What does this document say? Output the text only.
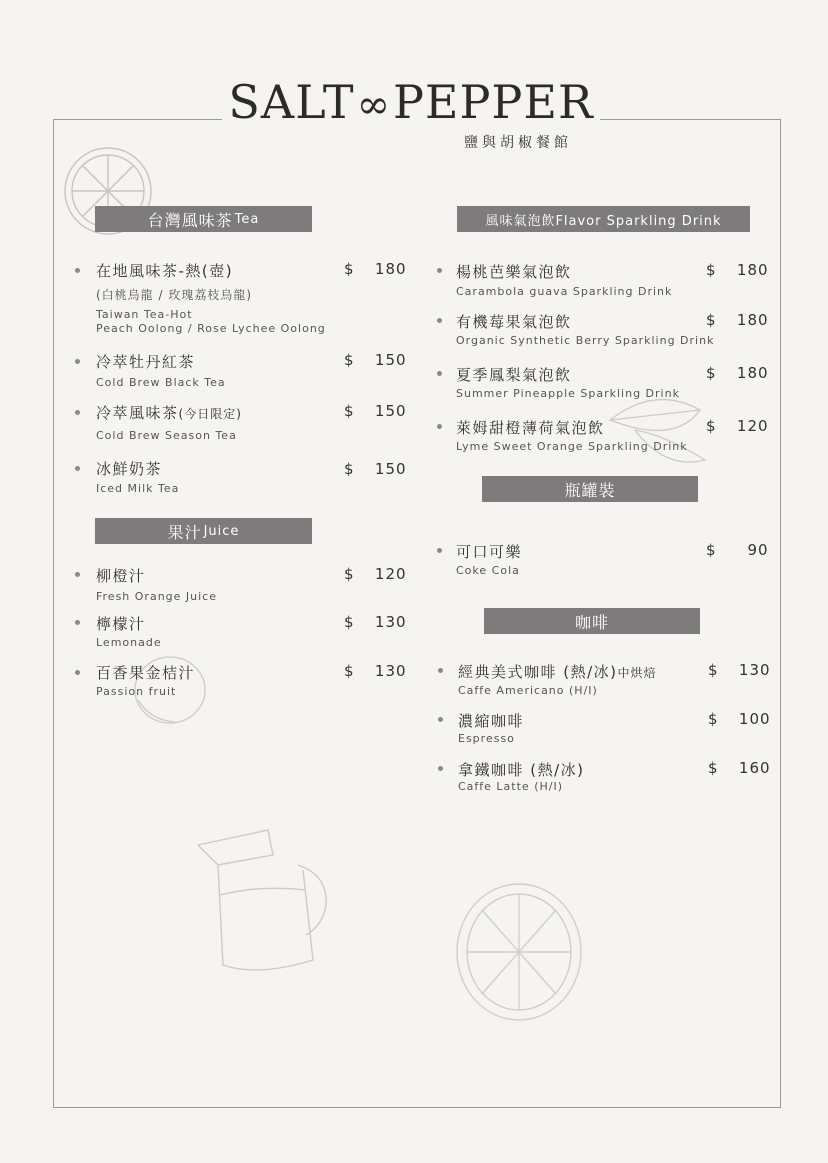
SALT∞PEPPER
鹽與胡椒餐館
台灣風味茶 Tea
在地風味茶-熱(壺)	$ 180
(白桃烏龍 / 玫瑰荔枝烏龍)
Taiwan Tea-Hot
Peach Oolong / Rose Lychee Oolong
冷萃牡丹紅茶	$ 150
Cold Brew Black Tea
冷萃風味茶(今日限定)	$ 150
Cold Brew Season Tea
冰鮮奶茶	$ 150
Iced Milk Tea
果汁 Juice
柳橙汁	$ 120
Fresh Orange Juice
檸檬汁	$ 130
Lemonade
百香果金桔汁	$ 130
Passion fruit
風味氣泡飲Flavor Sparkling Drink
楊桃芭樂氣泡飲	$ 180
Carambola guava Sparkling Drink
有機莓果氣泡飲	$ 180
Organic Synthetic Berry Sparkling Drink
夏季鳳梨氣泡飲	$ 180
Summer Pineapple Sparkling Drink
萊姆甜橙薄荷氣泡飲	$ 120
Lyme Sweet Orange Sparkling Drink
瓶罐裝
可口可樂	$ 90
Coke Cola
咖啡
經典美式咖啡 (熱/冰)中烘焙	$ 130
Caffe Americano (H/I)
濃縮咖啡	$ 100
Espresso
拿鐵咖啡 (熱/冰)	$ 160
Caffe Latte (H/I)
